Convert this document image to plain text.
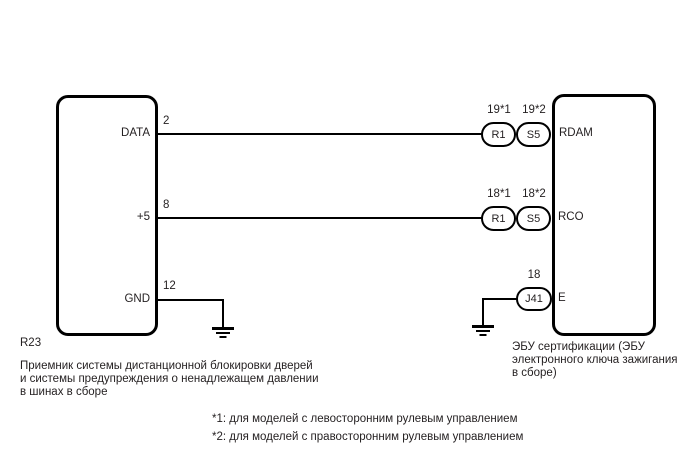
DATA
+5
GND
2
8
12
19*1 19*2
R1 S5
18*1 18*2
R1 S5
18
J41
RDAM
RCO
E
R23
Приемник системы дистанционной блокировки дверей
и системы предупреждения о ненадлежащем давлении
в шинах в сборе
ЭБУ сертификации (ЭБУ
электронного ключа зажигания
в сборе)
*1: для моделей с левосторонним рулевым управлением
*2: для моделей с правосторонним рулевым управлением
